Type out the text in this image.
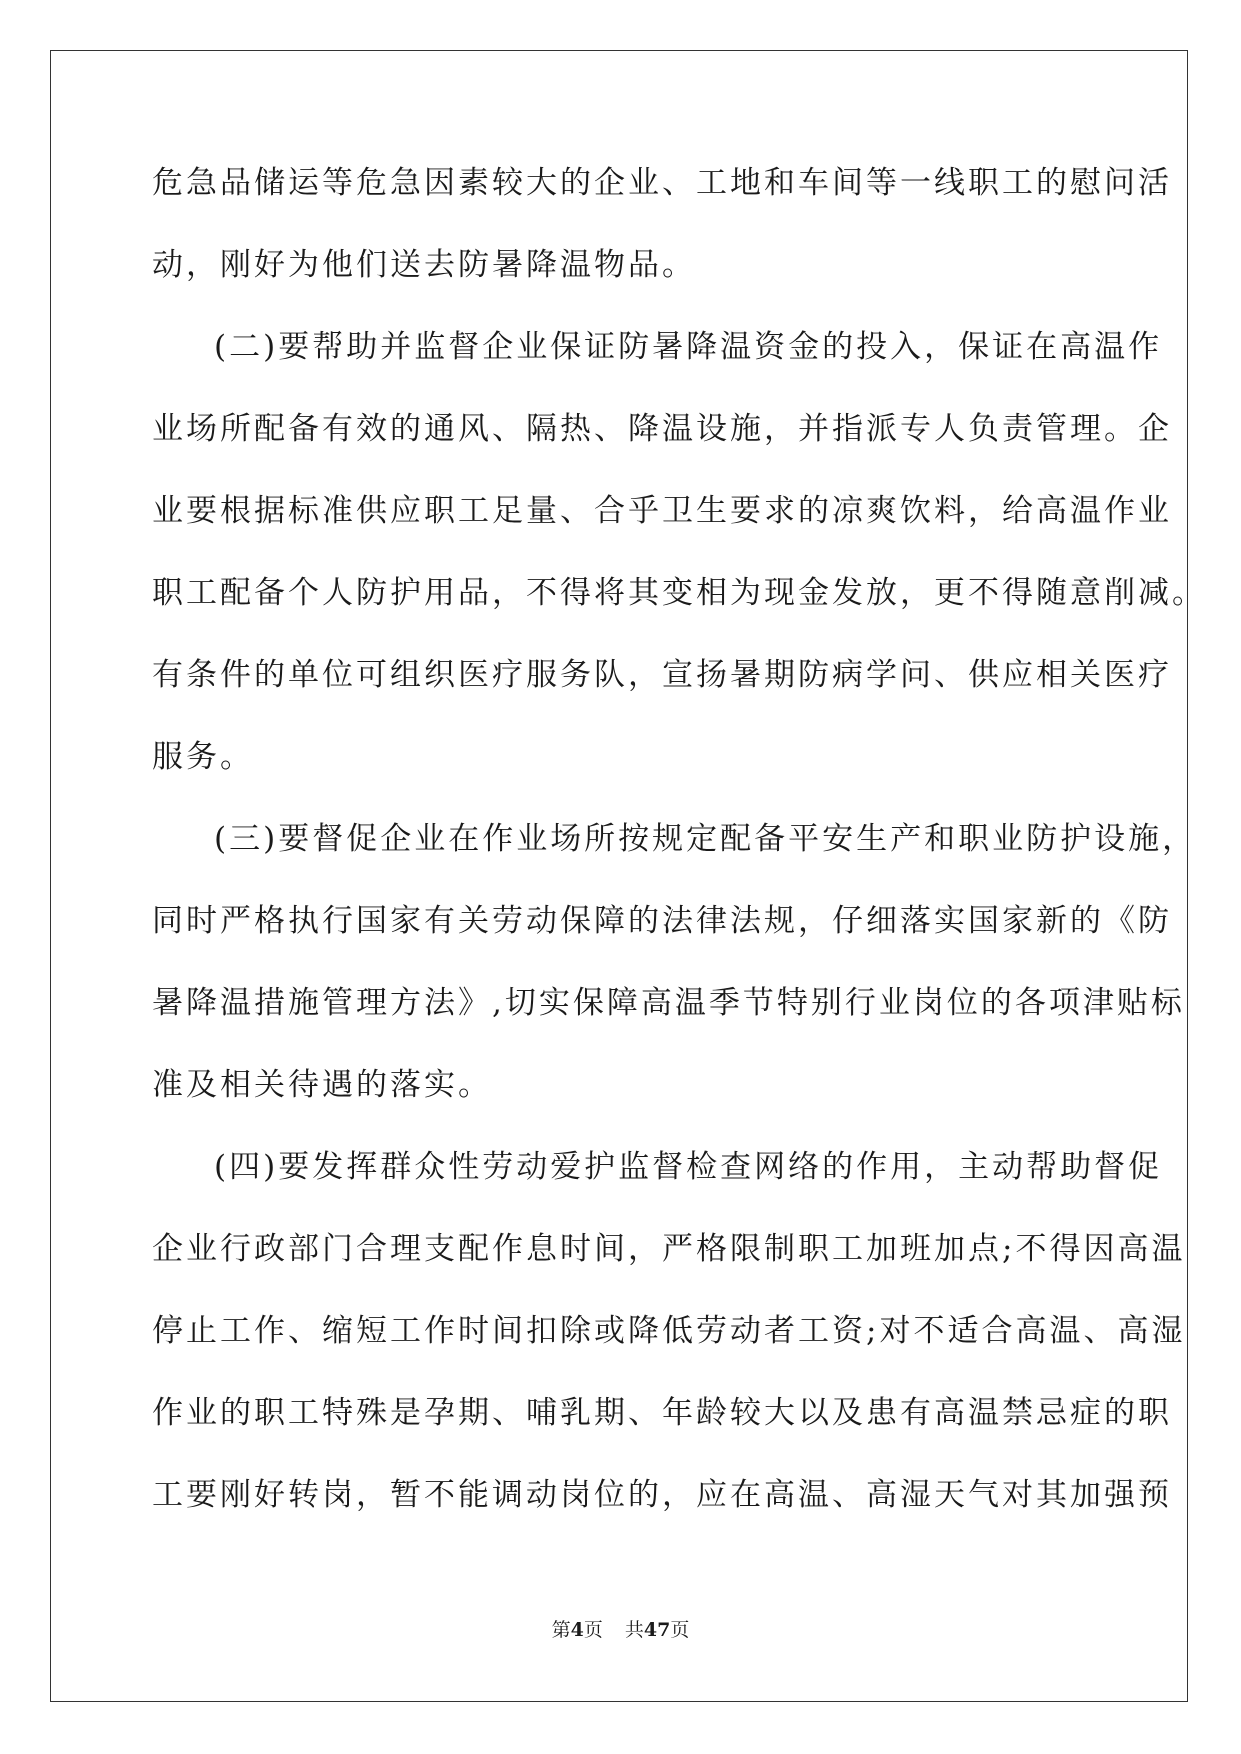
危急品储运等危急因素较大的企业、工地和车间等一线职工的慰问活
动，刚好为他们送去防暑降温物品。

(二)要帮助并监督企业保证防暑降温资金的投入，保证在高温作
业场所配备有效的通风、隔热、降温设施，并指派专人负责管理。企
业要根据标准供应职工足量、合乎卫生要求的凉爽饮料，给高温作业
职工配备个人防护用品，不得将其变相为现金发放，更不得随意削减。
有条件的单位可组织医疗服务队，宣扬暑期防病学问、供应相关医疗
服务。

(三)要督促企业在作业场所按规定配备平安生产和职业防护设施，
同时严格执行国家有关劳动保障的法律法规，仔细落实国家新的《防
暑降温措施管理方法》,切实保障高温季节特别行业岗位的各项津贴标
准及相关待遇的落实。

(四)要发挥群众性劳动爱护监督检查网络的作用，主动帮助督促
企业行政部门合理支配作息时间，严格限制职工加班加点;不得因高温
停止工作、缩短工作时间扣除或降低劳动者工资;对不适合高温、高湿
作业的职工特殊是孕期、哺乳期、年龄较大以及患有高温禁忌症的职
工要刚好转岗，暂不能调动岗位的，应在高温、高湿天气对其加强预

第4页 共47页
